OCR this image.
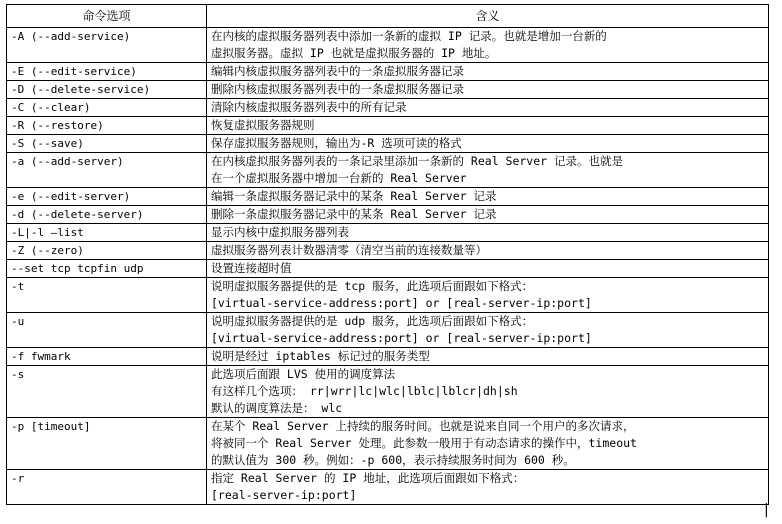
命令选项	含义
-A (--add-service)	在内核的虚拟服务器列表中添加一条新的虚拟 IP 记录。也就是增加一台新的
虚拟服务器。虚拟 IP 也就是虚拟服务器的 IP 地址。

-E (--edit-service)	编辑内核虚拟服务器列表中的一条虚拟服务器记录

-D (--delete-service)	删除内核虚拟服务器列表中的一条虚拟服务器记录

-C (--clear)	清除内核虚拟服务器列表中的所有记录

-R (--restore)	恢复虚拟服务器规则

-S (--save)	保存虚拟服务器规则，输出为-R 选项可读的格式

-a (--add-server)	在内核虚拟服务器列表的一条记录里添加一条新的 Real Server 记录。也就是
在一个虚拟服务器中增加一台新的 Real Server

-e (--edit-server)	编辑一条虚拟服务器记录中的某条 Real Server 记录

-d (--delete-server)	删除一条虚拟服务器记录中的某条 Real Server 记录

-L|-l –list	显示内核中虚拟服务器列表

-Z (--zero)	虚拟服务器列表计数器清零（清空当前的连接数量等）

--set tcp tcpfin udp	设置连接超时值

-t	说明虚拟服务器提供的是 tcp 服务，此选项后面跟如下格式：
[virtual-service-address:port] or [real-server-ip:port]

-u	说明虚拟服务器提供的是 udp 服务，此选项后面跟如下格式：
[virtual-service-address:port] or [real-server-ip:port]

-f fwmark	说明是经过 iptables 标记过的服务类型

-s	此选项后面跟 LVS 使用的调度算法
有这样几个选项： rr|wrr|lc|wlc|lblc|lblcr|dh|sh
默认的调度算法是： wlc

-p [timeout]	在某个 Real Server 上持续的服务时间。也就是说来自同一个用户的多次请求，
将被同一个 Real Server 处理。此参数一般用于有动态请求的操作中，timeout
的默认值为 300 秒。例如：-p 600，表示持续服务时间为 600 秒。

-r	指定 Real Server 的 IP 地址，此选项后面跟如下格式：
[real-server-ip:port]
|
